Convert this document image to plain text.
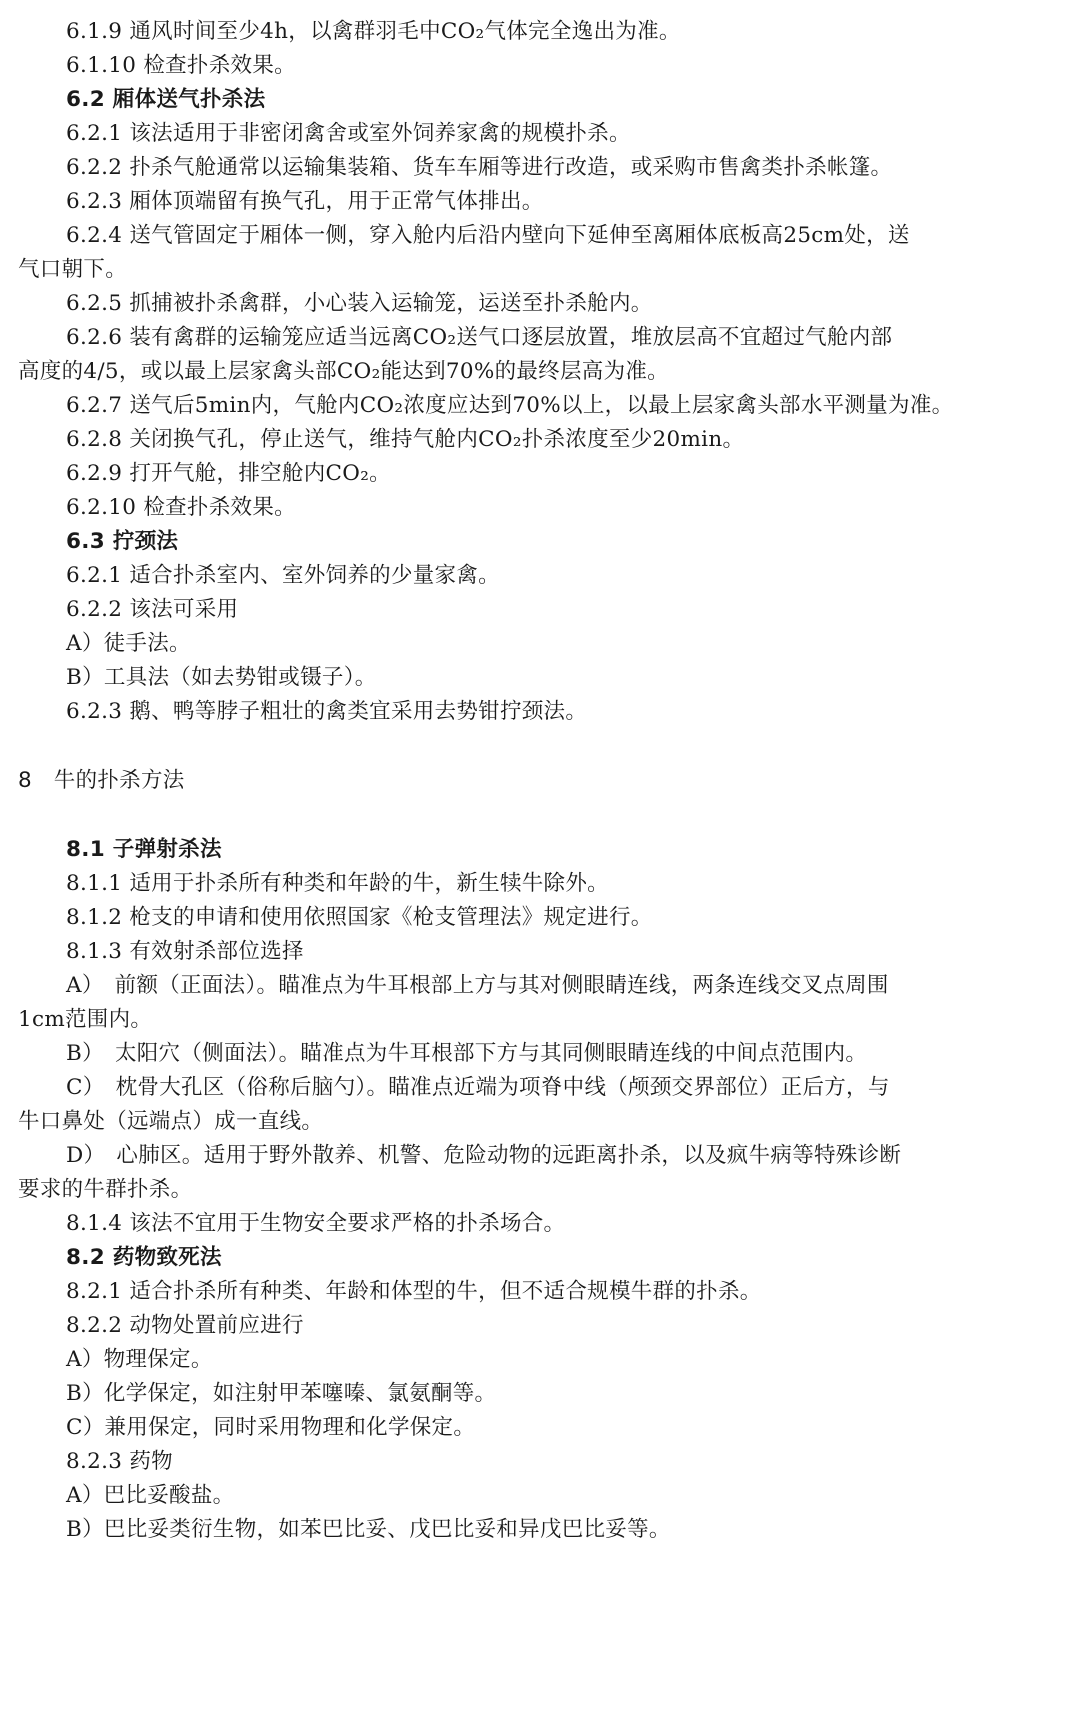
6.1.9 通风时间至少4h，以禽群羽毛中CO₂气体完全逸出为准。
6.1.10 检查扑杀效果。
6.2 厢体送气扑杀法
6.2.1 该法适用于非密闭禽舍或室外饲养家禽的规模扑杀。
6.2.2 扑杀气舱通常以运输集装箱、货车车厢等进行改造，或采购市售禽类扑杀帐篷。
6.2.3 厢体顶端留有换气孔，用于正常气体排出。
6.2.4 送气管固定于厢体一侧，穿入舱内后沿内壁向下延伸至离厢体底板高25cm处，送
气口朝下。
6.2.5 抓捕被扑杀禽群，小心装入运输笼，运送至扑杀舱内。
6.2.6 装有禽群的运输笼应适当远离CO₂送气口逐层放置，堆放层高不宜超过气舱内部
高度的4/5，或以最上层家禽头部CO₂能达到70%的最终层高为准。
6.2.7 送气后5min内，气舱内CO₂浓度应达到70%以上，以最上层家禽头部水平测量为准。
6.2.8 关闭换气孔，停止送气，维持气舱内CO₂扑杀浓度至少20min。
6.2.9 打开气舱，排空舱内CO₂。
6.2.10 检查扑杀效果。
6.3 拧颈法
6.2.1 适合扑杀室内、室外饲养的少量家禽。
6.2.2 该法可采用
A）徒手法。
B）工具法（如去势钳或镊子）。
6.2.3 鹅、鸭等脖子粗壮的禽类宜采用去势钳拧颈法。
8　牛的扑杀方法
8.1 子弹射杀法
8.1.1 适用于扑杀所有种类和年龄的牛，新生犊牛除外。
8.1.2 枪支的申请和使用依照国家《枪支管理法》规定进行。
8.1.3 有效射杀部位选择
A）　前额（正面法）。瞄准点为牛耳根部上方与其对侧眼睛连线，两条连线交叉点周围
1cm范围内。
B）　太阳穴（侧面法）。瞄准点为牛耳根部下方与其同侧眼睛连线的中间点范围内。
C）　枕骨大孔区（俗称后脑勺）。瞄准点近端为项脊中线（颅颈交界部位）正后方，与
牛口鼻处（远端点）成一直线。
D）　心肺区。适用于野外散养、机警、危险动物的远距离扑杀，以及疯牛病等特殊诊断
要求的牛群扑杀。
8.1.4 该法不宜用于生物安全要求严格的扑杀场合。
8.2 药物致死法
8.2.1 适合扑杀所有种类、年龄和体型的牛，但不适合规模牛群的扑杀。
8.2.2 动物处置前应进行
A）物理保定。
B）化学保定，如注射甲苯噻嗪、氯氨酮等。
C）兼用保定，同时采用物理和化学保定。
8.2.3 药物
A）巴比妥酸盐。
B）巴比妥类衍生物，如苯巴比妥、戊巴比妥和异戊巴比妥等。
